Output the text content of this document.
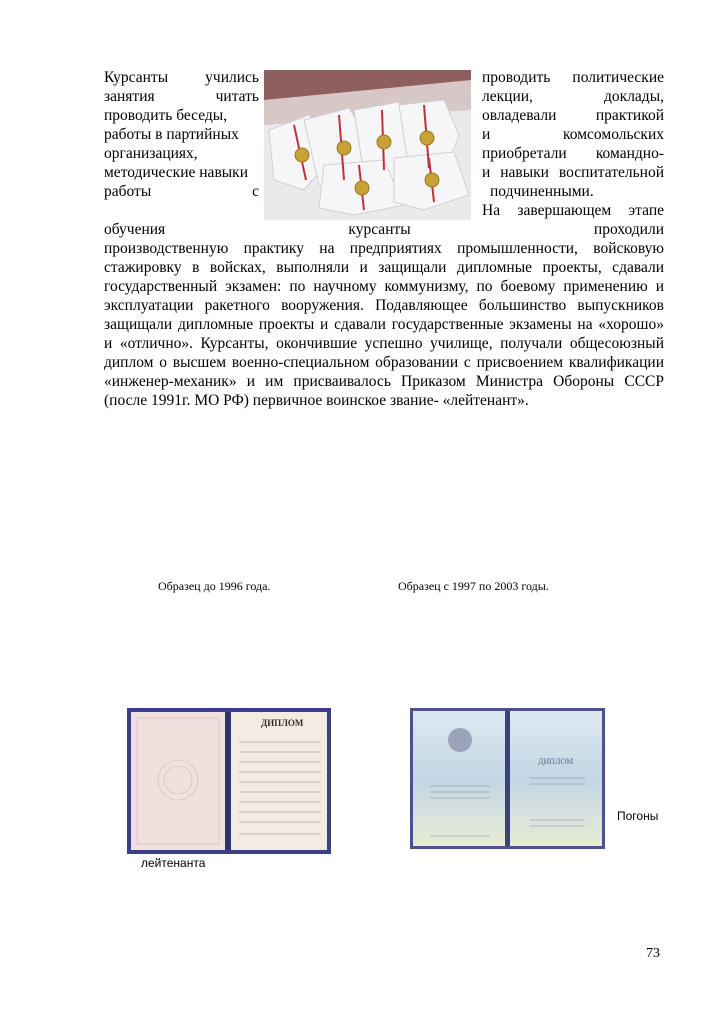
Курсанты учились
занятия читать
проводить беседы,
работы в партийных
организациях,
методические навыки
работы с
проводить политические
лекции, доклады,
овладевали практикой
и комсомольских
приобретали командно-
и навыки воспитательной
подчиненными.
На завершающем этапе
обучения курсанты проходили
производственную практику на предприятиях промышленности, войсковую
стажировку в войсках, выполняли и защищали дипломные проекты, сдавали
государственный экзамен: по научному коммунизму, по боевому применению и
эксплуатации ракетного вооружения. Подавляющее большинство выпускников
защищали дипломные проекты и сдавали государственные экзамены на «хорошо»
и «отлично». Курсанты, окончившие успешно училище, получали общесоюзный
диплом о высшем военно-специальном образовании с присвоением квалификации
«инженер-механик» и им присваивалось Приказом Министра Обороны СССР
(после 1991г. МО РФ) первичное воинское звание- «лейтенант».
Образец до 1996 года.	Образец с 1997 по 2003 годы.
ДИПЛОМ
ДИПЛОМ
Погоны
лейтенанта
73
